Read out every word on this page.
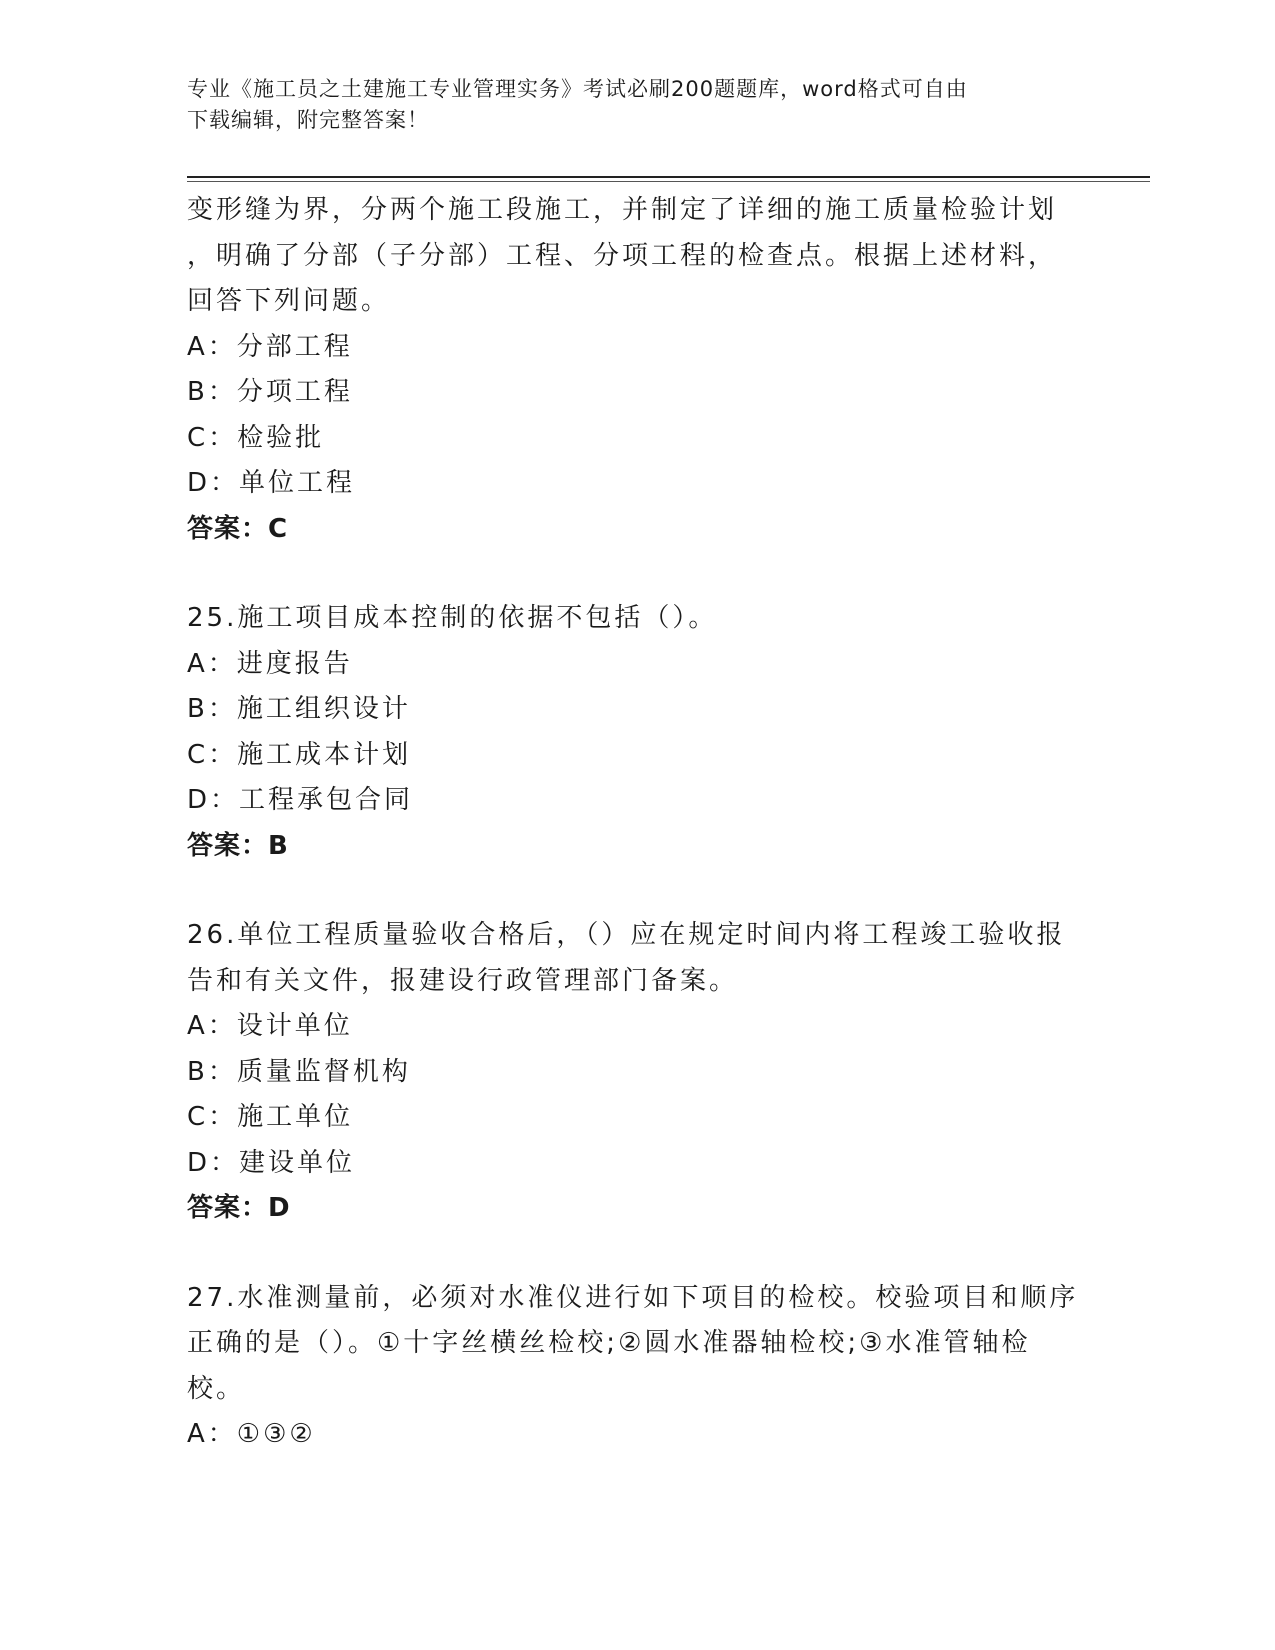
专业《施工员之土建施工专业管理实务》考试必刷200题题库，word格式可自由
下载编辑，附完整答案！
变形缝为界，分两个施工段施工，并制定了详细的施工质量检验计划
，明确了分部（子分部）工程、分项工程的检查点。根据上述材料，
回答下列问题。
A：分部工程
B：分项工程
C：检验批
D：单位工程
答案：C
25.施工项目成本控制的依据不包括（）。
A：进度报告
B：施工组织设计
C：施工成本计划
D：工程承包合同
答案：B
26.单位工程质量验收合格后，（）应在规定时间内将工程竣工验收报
告和有关文件，报建设行政管理部门备案。
A：设计单位
B：质量监督机构
C：施工单位
D：建设单位
答案：D
27.水准测量前，必须对水准仪进行如下项目的检校。校验项目和顺序
正确的是（）。①十字丝横丝检校;②圆水准器轴检校;③水准管轴检
校。
A：①③②
